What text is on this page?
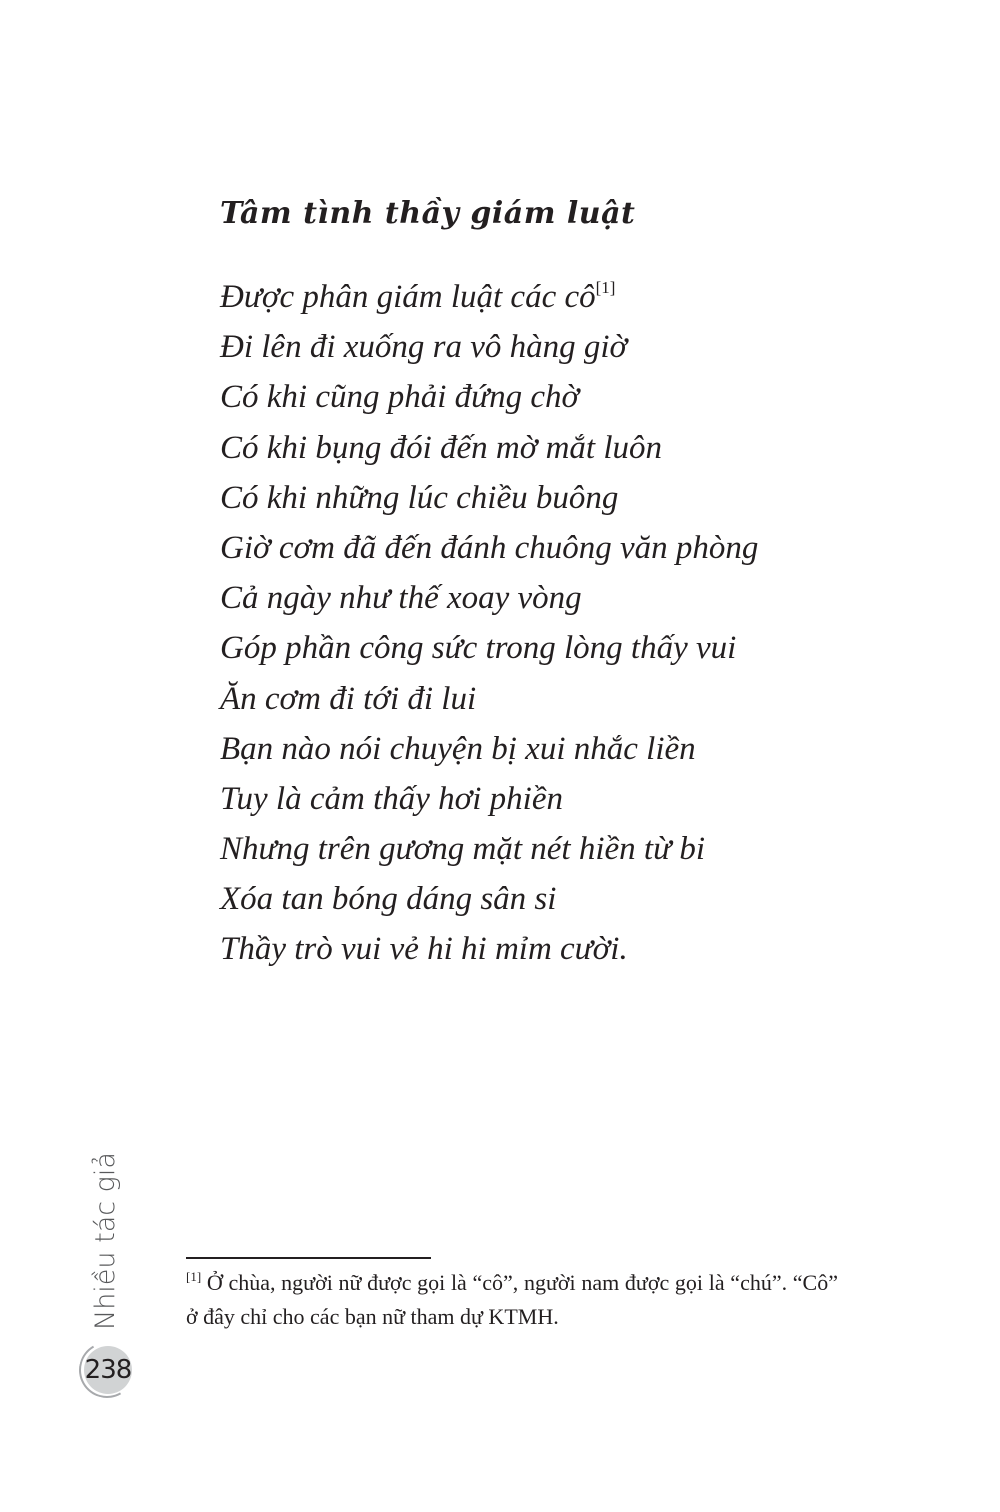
Tâm tình thầy giám luật
Được phân giám luật các cô[1]
Đi lên đi xuống ra vô hàng giờ
Có khi cũng phải đứng chờ
Có khi bụng đói đến mờ mắt luôn
Có khi những lúc chiều buông
Giờ cơm đã đến đánh chuông văn phòng
Cả ngày như thế xoay vòng
Góp phần công sức trong lòng thấy vui
Ăn cơm đi tới đi lui
Bạn nào nói chuyện bị xui nhắc liền
Tuy là cảm thấy hơi phiền
Nhưng trên gương mặt nét hiền từ bi
Xóa tan bóng dáng sân si
Thầy trò vui vẻ hi hi mỉm cười.
[1] Ở chùa, người nữ được gọi là “cô”, người nam được gọi là “chú”. “Cô” ở đây chỉ cho các bạn nữ tham dự KTMH.
Nhiều tác giả
238
